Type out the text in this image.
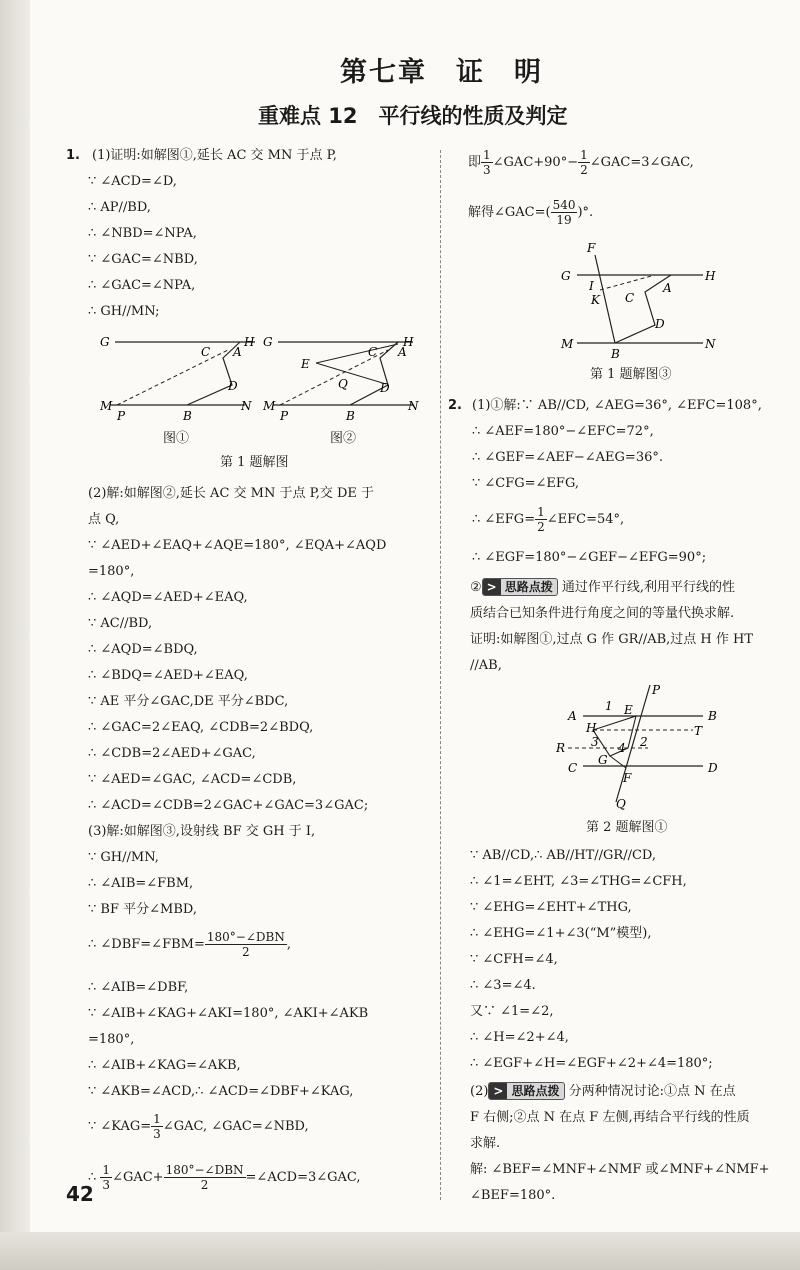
第七章　证　明
重难点 12　平行线的性质及判定
1. (1)证明:如解图①,延长 AC 交 MN 于点 P,
∵ ∠ACD=∠D,
∴ AP//BD,
∴ ∠NBD=∠NPA,
∵ ∠GAC=∠NBD,
∴ ∠GAC=∠NPA,
∴ GH//MN;
G	H
C A
D
M
P	B
N
G	H
E
C A
Q	D
M
P	B
N
图①	图②
第 1 题解图
(2)解:如解图②,延长 AC 交 MN 于点 P,交 DE 于
点 Q,
∵ ∠AED+∠EAQ+∠AQE=180°, ∠EQA+∠AQD
=180°,
∴ ∠AQD=∠AED+∠EAQ,
∵ AC//BD,
∴ ∠AQD=∠BDQ,
∴ ∠BDQ=∠AED+∠EAQ,
∵ AE 平分∠GAC,DE 平分∠BDC,
∴ ∠GAC=2∠EAQ, ∠CDB=2∠BDQ,
∴ ∠CDB=2∠AED+∠GAC,
∵ ∠AED=∠GAC, ∠ACD=∠CDB,
∴ ∠ACD=∠CDB=2∠GAC+∠GAC=3∠GAC;
(3)解:如解图③,设射线 BF 交 GH 于 I,
∵ GH//MN,
∴ ∠AIB=∠FBM,
∵ BF 平分∠MBD,
∴ ∠DBF=∠FBM= $\frac{\text{180°−∠DBN}}{2}$ ,
∴ ∠AIB=∠DBF,
∵ ∠AIB+∠KAG+∠AKI=180°, ∠AKI+∠AKB
=180°,
∴ ∠AIB+∠KAG=∠AKB,
∵ ∠AKB=∠ACD,∴ ∠ACD=∠DBF+∠KAG,
∵ ∠KAG= $\frac{1}{3}$ ∠GAC, ∠GAC=∠NBD,
∴ $\frac{1}{3}$ ∠GAC+ $\frac{\text{180°−∠DBN}}{2}$ =∠ACD=3∠GAC,
即 $\frac{1}{3}$ ∠GAC+90°− $\frac{1}{2}$ ∠GAC=3∠GAC,
解得∠GAC=( $\frac{540}{19}$ )°.
F
G	H
I
K C
A
D
M
B
N
第 1 题解图③
2. (1)①解:∵ AB//CD, ∠AEG=36°, ∠EFC=108°,
∴ ∠AEF=180°−∠EFC=72°,
∴ ∠GEF=∠AEF−∠AEG=36°.
∵ ∠CFG=∠EFG,
∴ ∠EFG= $\frac{1}{2}$ ∠EFC=54°,
∴ ∠EGF=180°−∠GEF−∠EFG=90°;
② > 思路点拨 通过作平行线,利用平行线的性
质结合已知条件进行角度之间的等量代换求解.
证明:如解图①,过点 G 作 GR//AB,过点 H 作 HT
//AB,
P
1 E
A	B
H	T
R 3 4 2
G
C
F
D
Q
第 2 题解图①
∵ AB//CD,∴ AB//HT//GR//CD,
∴ ∠1=∠EHT, ∠3=∠THG=∠CFH,
∵ ∠EHG=∠EHT+∠THG,
∴ ∠EHG=∠1+∠3(“M”模型),
∵ ∠CFH=∠4,
∴ ∠3=∠4.
又∵ ∠1=∠2,
∴ ∠H=∠2+∠4,
∴ ∠EGF+∠H=∠EGF+∠2+∠4=180°;
(2) > 思路点拨 分两种情况讨论:①点 N 在点
F 右侧;②点 N 在点 F 左侧,再结合平行线的性质
求解.
解: ∠BEF=∠MNF+∠NMF 或∠MNF+∠NMF+
∠BEF=180°.
42
